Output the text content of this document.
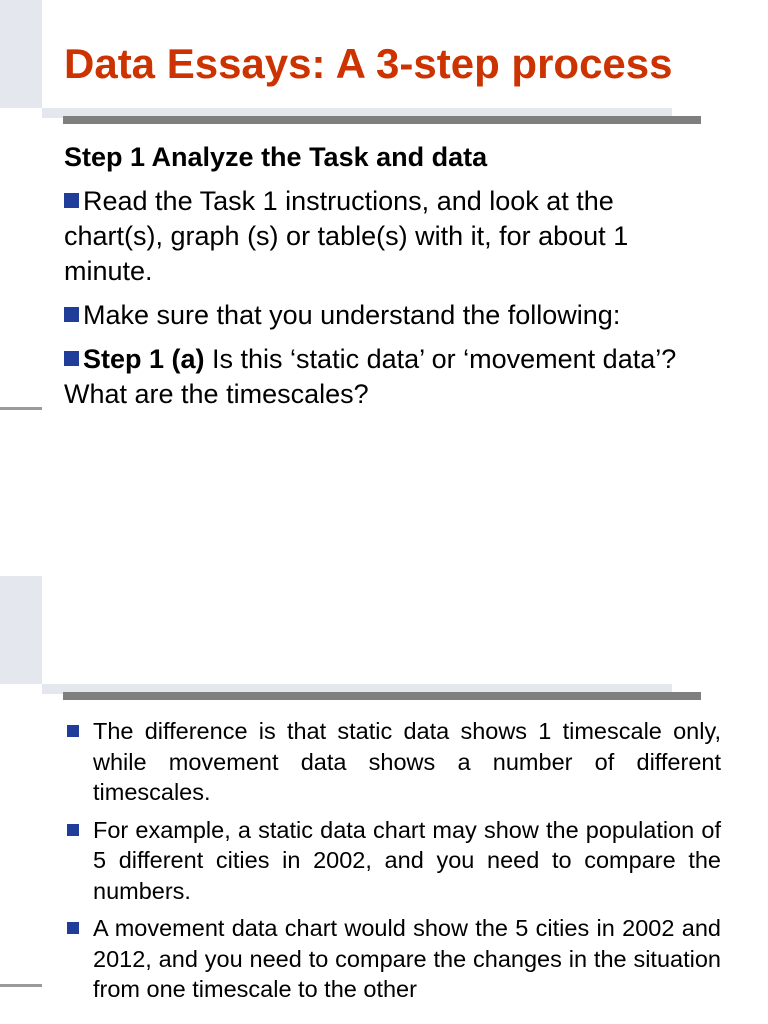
Data Essays: A 3-step process

Step 1 Analyze the Task and data

Read the Task 1 instructions, and look at the chart(s), graph (s) or table(s) with it, for about 1 minute.

Make sure that you understand the following:

Step 1 (a) Is this ‘static data’ or ‘movement data’? What are the timescales?

The difference is that static data shows 1 timescale only, while movement data shows a number of different timescales.
For example, a static data chart may show the population of 5 different cities in 2002, and you need to compare the numbers.
A movement data chart would show the 5 cities in 2002 and 2012, and you need to compare the changes in the situation from one timescale to the other
